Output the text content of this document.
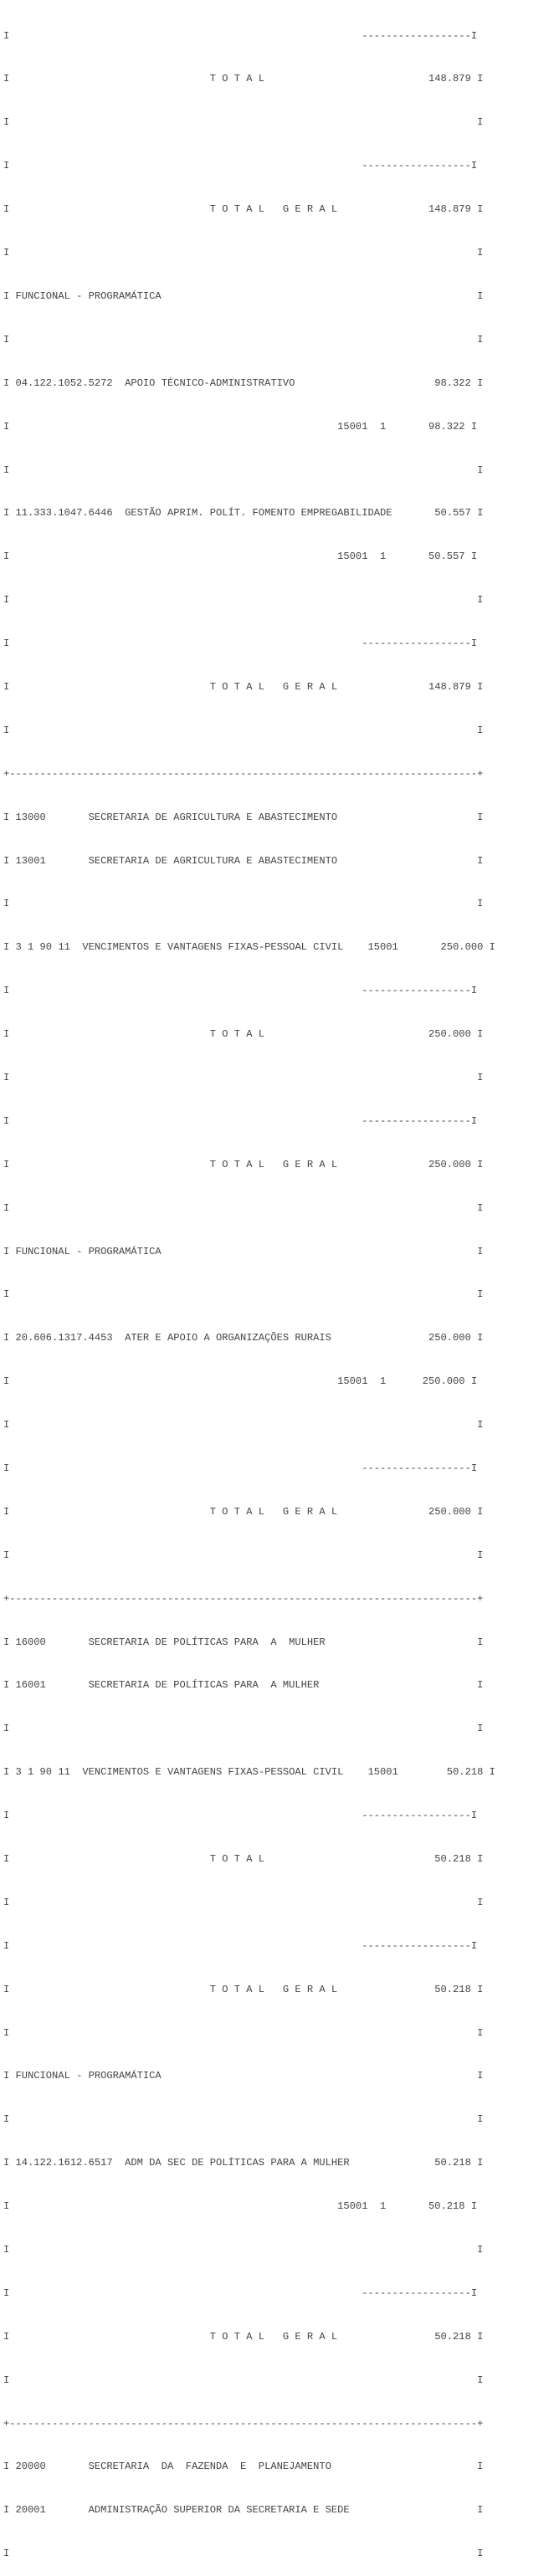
I                                                          ------------------I

I                                 T O T A L                           148.879 I

I                                                                             I

I                                                          ------------------I

I                                 T O T A L   G E R A L               148.879 I

I                                                                             I

I FUNCIONAL - PROGRAMÁTICA                                                    I

I                                                                             I

I 04.122.1052.5272  APOIO TÉCNICO-ADMINISTRATIVO                       98.322 I

I                                                      15001  1       98.322 I

I                                                                             I

I 11.333.1047.6446  GESTÃO APRIM. POLÍT. FOMENTO EMPREGABILIDADE       50.557 I

I                                                      15001  1       50.557 I

I                                                                             I

I                                                          ------------------I

I                                 T O T A L   G E R A L               148.879 I

I                                                                             I

+-----------------------------------------------------------------------------+

I 13000       SECRETARIA DE AGRICULTURA E ABASTECIMENTO                       I

I 13001       SECRETARIA DE AGRICULTURA E ABASTECIMENTO                       I

I                                                                             I

I 3 1 90 11  VENCIMENTOS E VANTAGENS FIXAS-PESSOAL CIVIL    15001       250.000 I

I                                                          ------------------I

I                                 T O T A L                           250.000 I

I                                                                             I

I                                                          ------------------I

I                                 T O T A L   G E R A L               250.000 I

I                                                                             I

I FUNCIONAL - PROGRAMÁTICA                                                    I

I                                                                             I

I 20.606.1317.4453  ATER E APOIO A ORGANIZAÇÕES RURAIS                250.000 I

I                                                      15001  1      250.000 I

I                                                                             I

I                                                          ------------------I

I                                 T O T A L   G E R A L               250.000 I

I                                                                             I

+-----------------------------------------------------------------------------+

I 16000       SECRETARIA DE POLÍTICAS PARA  A  MULHER                         I

I 16001       SECRETARIA DE POLÍTICAS PARA  A MULHER                          I

I                                                                             I

I 3 1 90 11  VENCIMENTOS E VANTAGENS FIXAS-PESSOAL CIVIL    15001        50.218 I

I                                                          ------------------I

I                                 T O T A L                            50.218 I

I                                                                             I

I                                                          ------------------I

I                                 T O T A L   G E R A L                50.218 I

I                                                                             I

I FUNCIONAL - PROGRAMÁTICA                                                    I

I                                                                             I

I 14.122.1612.6517  ADM DA SEC DE POLÍTICAS PARA A MULHER              50.218 I

I                                                      15001  1       50.218 I

I                                                                             I

I                                                          ------------------I

I                                 T O T A L   G E R A L                50.218 I

I                                                                             I

+-----------------------------------------------------------------------------+

I 20000       SECRETARIA  DA  FAZENDA  E  PLANEJAMENTO                        I

I 20001       ADMINISTRAÇÃO SUPERIOR DA SECRETARIA E SEDE                     I

I                                                                             I
